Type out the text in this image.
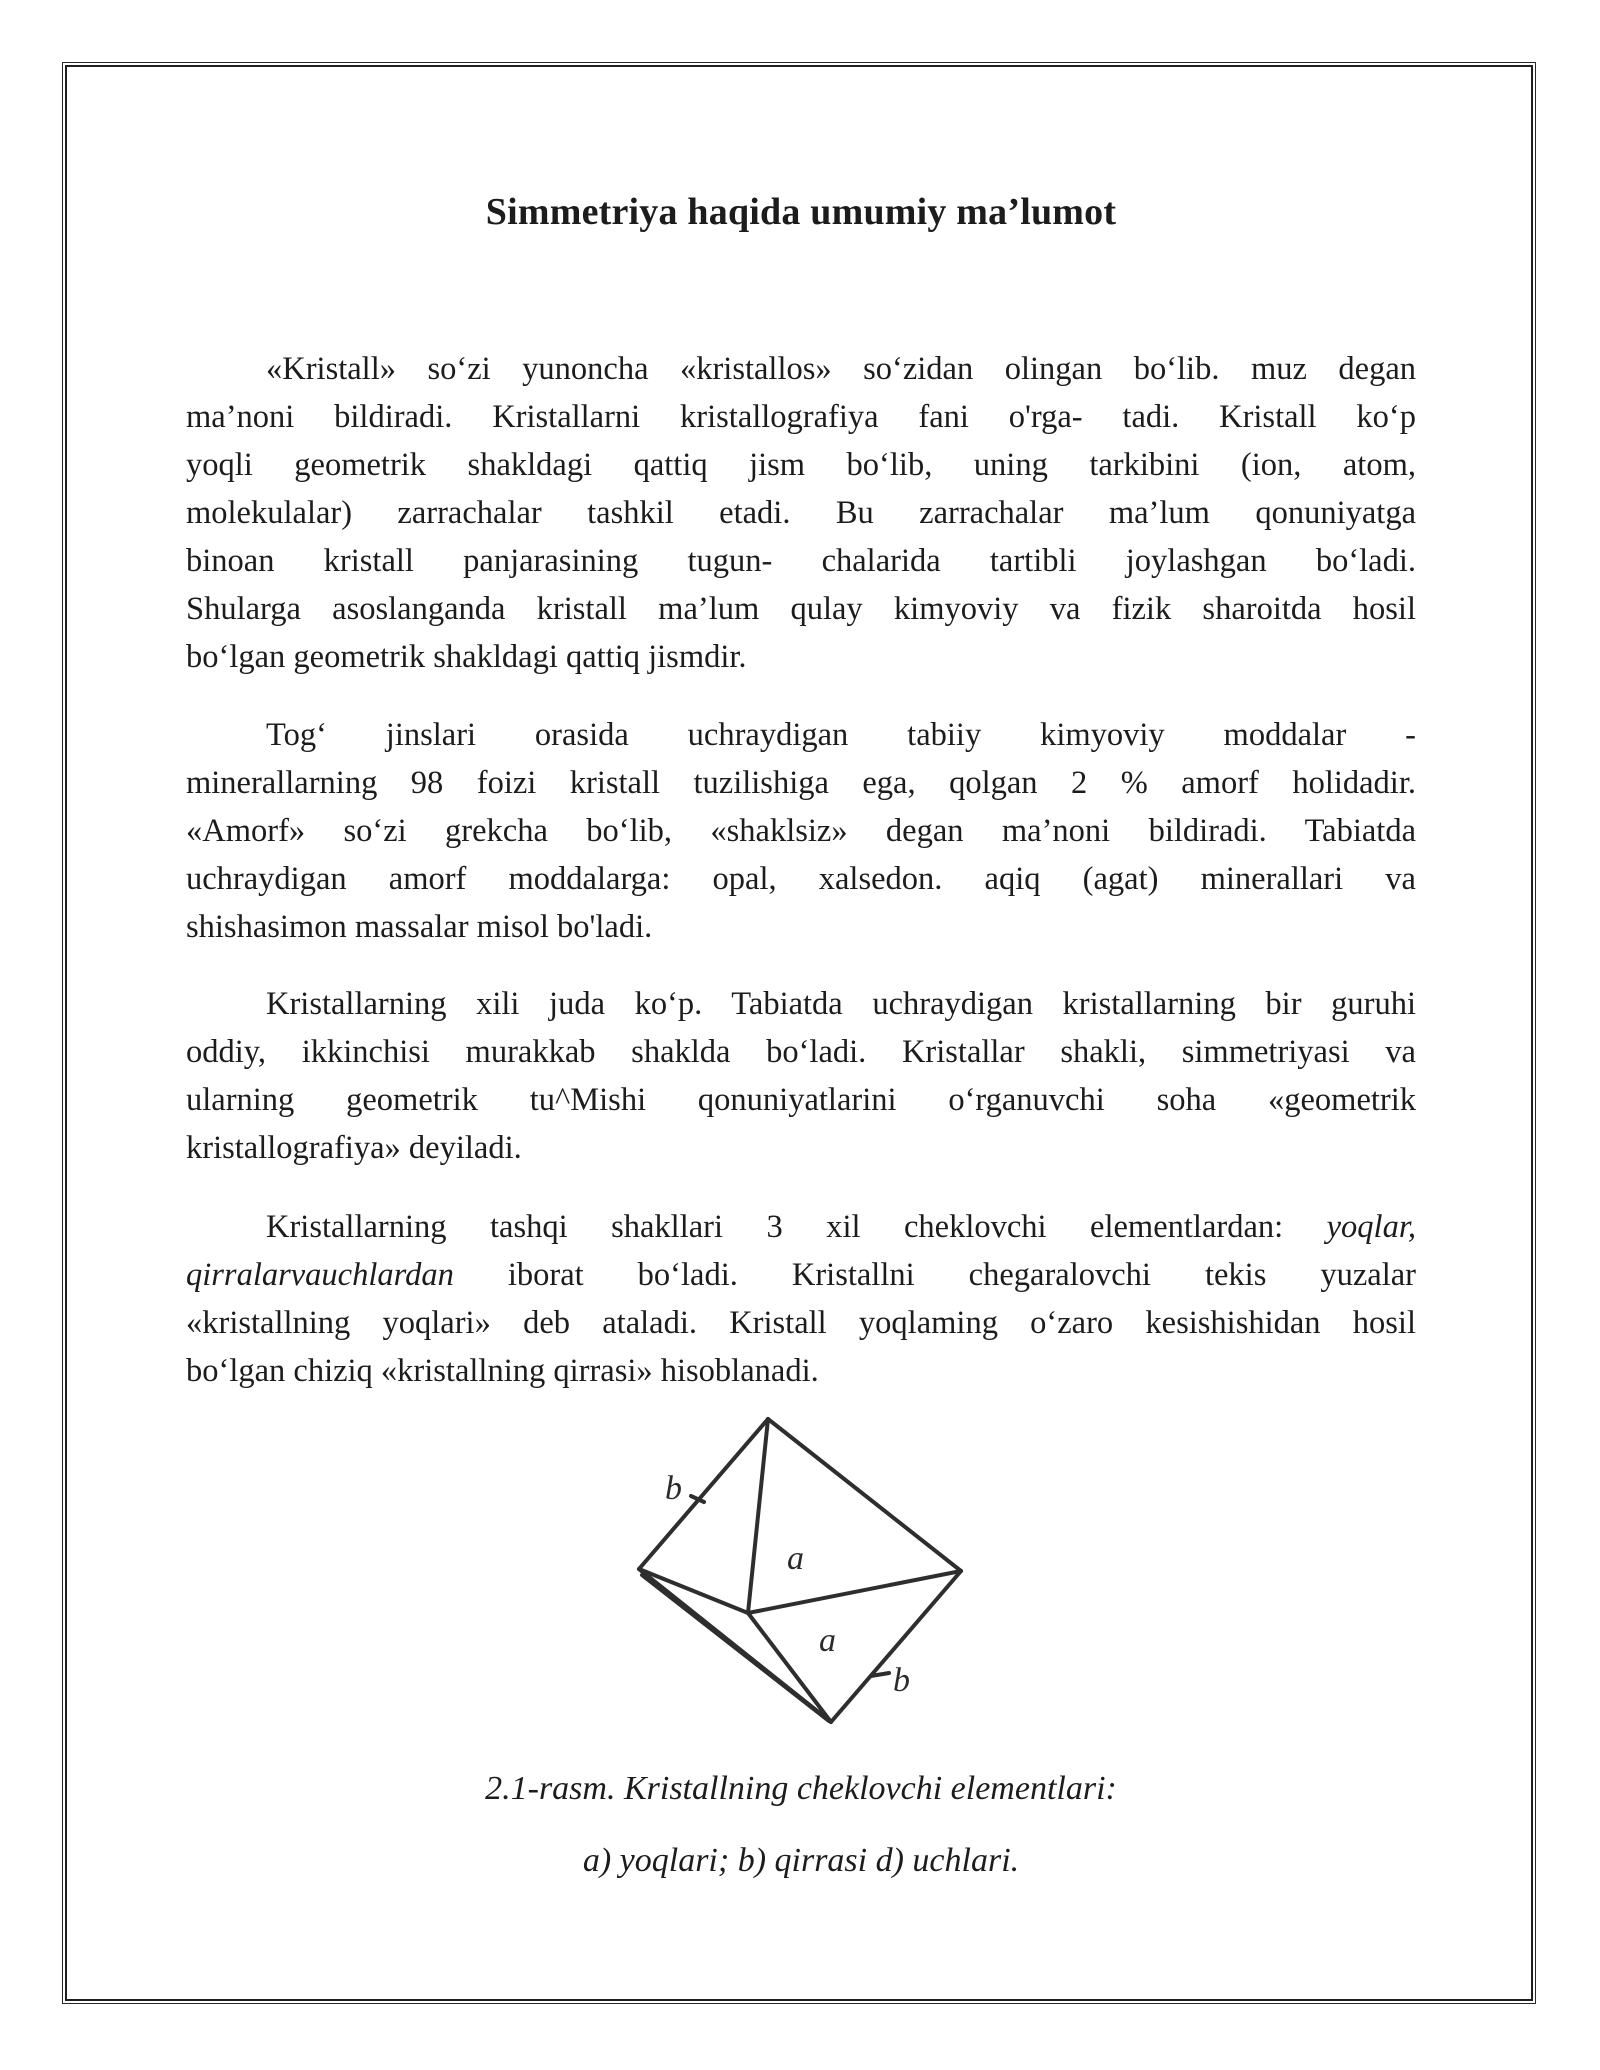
Simmetriya haqida umumiy ma’lumot
«Kristall» so‘zi yunoncha «kristallos» so‘zidan olingan bo‘lib. muz degan
ma’noni bildiradi. Kristallarni kristallografiya fani o'rga- tadi. Kristall ko‘p
yoqli geometrik shakldagi qattiq jism bo‘lib, uning tarkibini (ion, atom,
molekulalar) zarrachalar tashkil etadi. Bu zarrachalar ma’lum qonuniyatga
binoan kristall panjarasining tugun- chalarida tartibli joylashgan bo‘ladi.
Shularga asoslanganda kristall ma’lum qulay kimyoviy va fizik sharoitda hosil
bo‘lgan geometrik shakldagi qattiq jismdir.
Tog‘ jinslari orasida uchraydigan tabiiy kimyoviy moddalar -
minerallarning 98 foizi kristall tuzilishiga ega, qolgan 2 % amorf holidadir.
«Amorf» so‘zi grekcha bo‘lib, «shaklsiz» degan ma’noni bildiradi. Tabiatda
uchraydigan amorf moddalarga: opal, xalsedon. aqiq (agat) minerallari va
shishasimon massalar misol bo'ladi.
Kristallarning xili juda ko‘p. Tabiatda uchraydigan kristallarning bir guruhi
oddiy, ikkinchisi murakkab shaklda bo‘ladi. Kristallar shakli, simmetriyasi va
ularning geometrik tu^Mishi qonuniyatlarini o‘rganuvchi soha «geometrik
kristallografiya» deyiladi.
Kristallarning tashqi shakllari 3 xil cheklovchi elementlardan: yoqlar,
qirralarvauchlardan iborat bo‘ladi. Kristallni chegaralovchi tekis yuzalar
«kristallning yoqlari» deb ataladi. Kristall yoqlaming o‘zaro kesishishidan hosil
bo‘lgan chiziq «kristallning qirrasi» hisoblanadi.
b
a
a
b
2.1-rasm. Kristallning cheklovchi elementlari:
a) yoqlari; b) qirrasi d) uchlari.
